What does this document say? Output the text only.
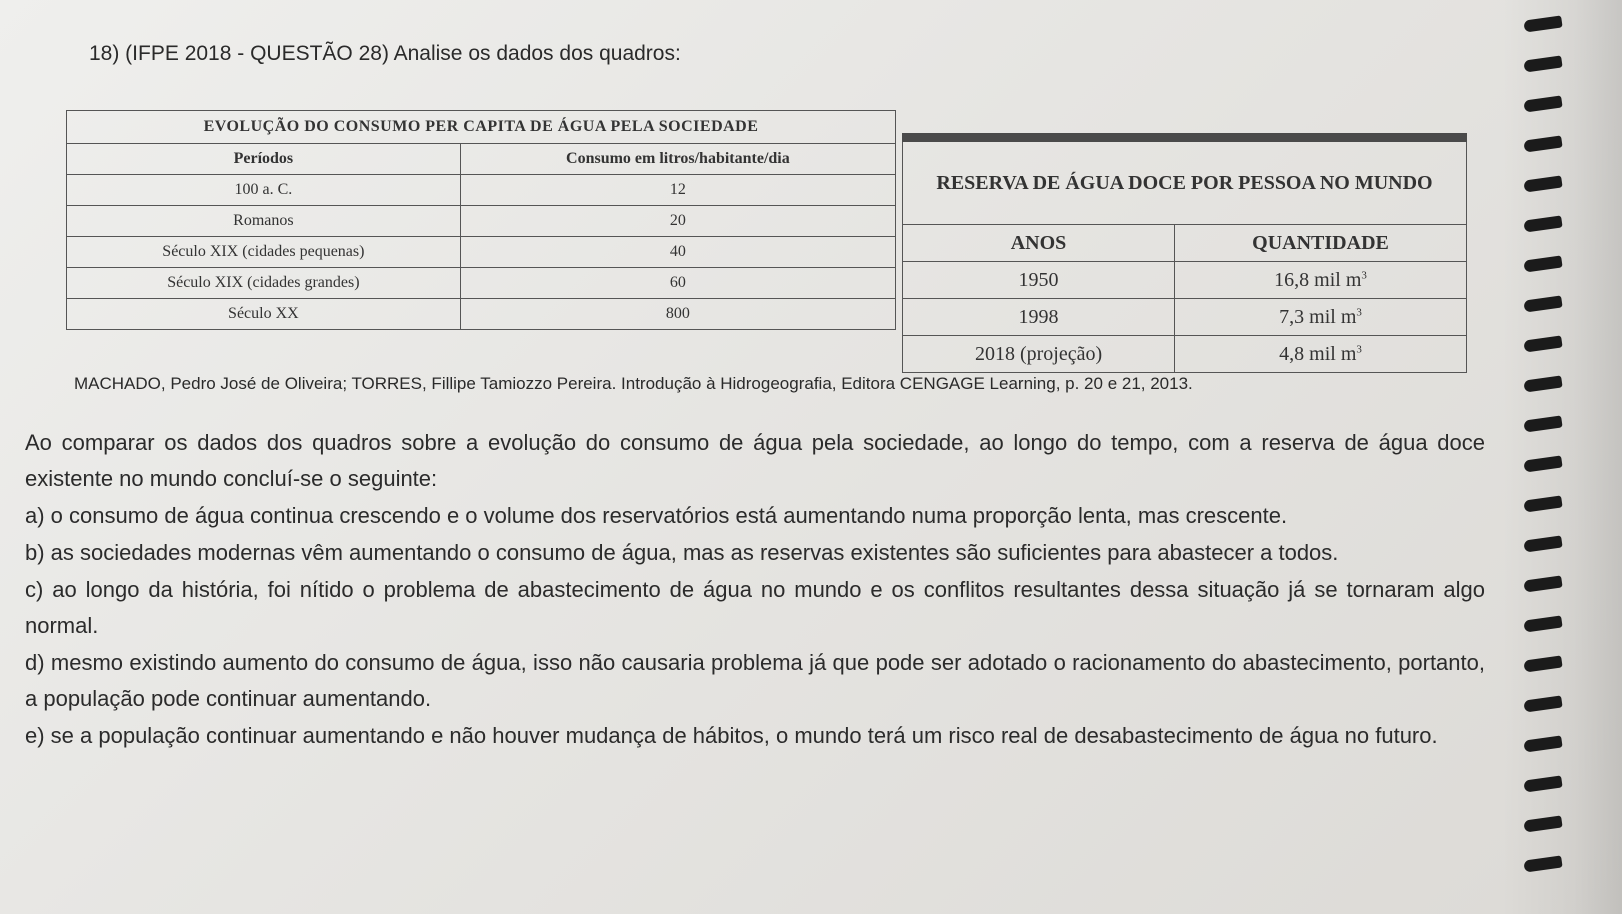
18) (IFPE 2018 - QUESTÃO 28) Analise os dados dos quadros:
EVOLUÇÃO DO CONSUMO PER CAPITA DE ÁGUA PELA SOCIEDADE	
Períodos	Consumo em litros/habitante/dia
100 a. C.	12
Romanos	20
Século XIX (cidades pequenas)	40
Século XIX (cidades grandes)	60
Século XX	800
RESERVA DE ÁGUA DOCE POR PESSOA NO MUNDO	
ANOS	QUANTIDADE
1950	16,8 mil $m^3$
1998	7,3 mil $m^3$
2018 (projeção)	4,8 mil $m^3$
MACHADO, Pedro José de Oliveira; TORRES, Fillipe Tamiozzo Pereira. Introdução à Hidrogeografia, Editora CENGAGE Learning, p. 20 e 21, 2013.

Ao comparar os dados dos quadros sobre a evolução do consumo de água pela sociedade, ao longo do tempo, com a reserva de água doce existente no mundo concluí-se o seguinte:

a) o consumo de água continua crescendo e o volume dos reservatórios está aumentando numa proporção lenta, mas crescente.

b) as sociedades modernas vêm aumentando o consumo de água, mas as reservas existentes são suficientes para abastecer a todos.

c) ao longo da história, foi nítido o problema de abastecimento de água no mundo e os conflitos resultantes dessa situação já se tornaram algo normal.

d) mesmo existindo aumento do consumo de água, isso não causaria problema já que pode ser adotado o racionamento do abastecimento, portanto, a população pode continuar aumentando.

e) se a população continuar aumentando e não houver mudança de hábitos, o mundo terá um risco real de desabastecimento de água no futuro.
